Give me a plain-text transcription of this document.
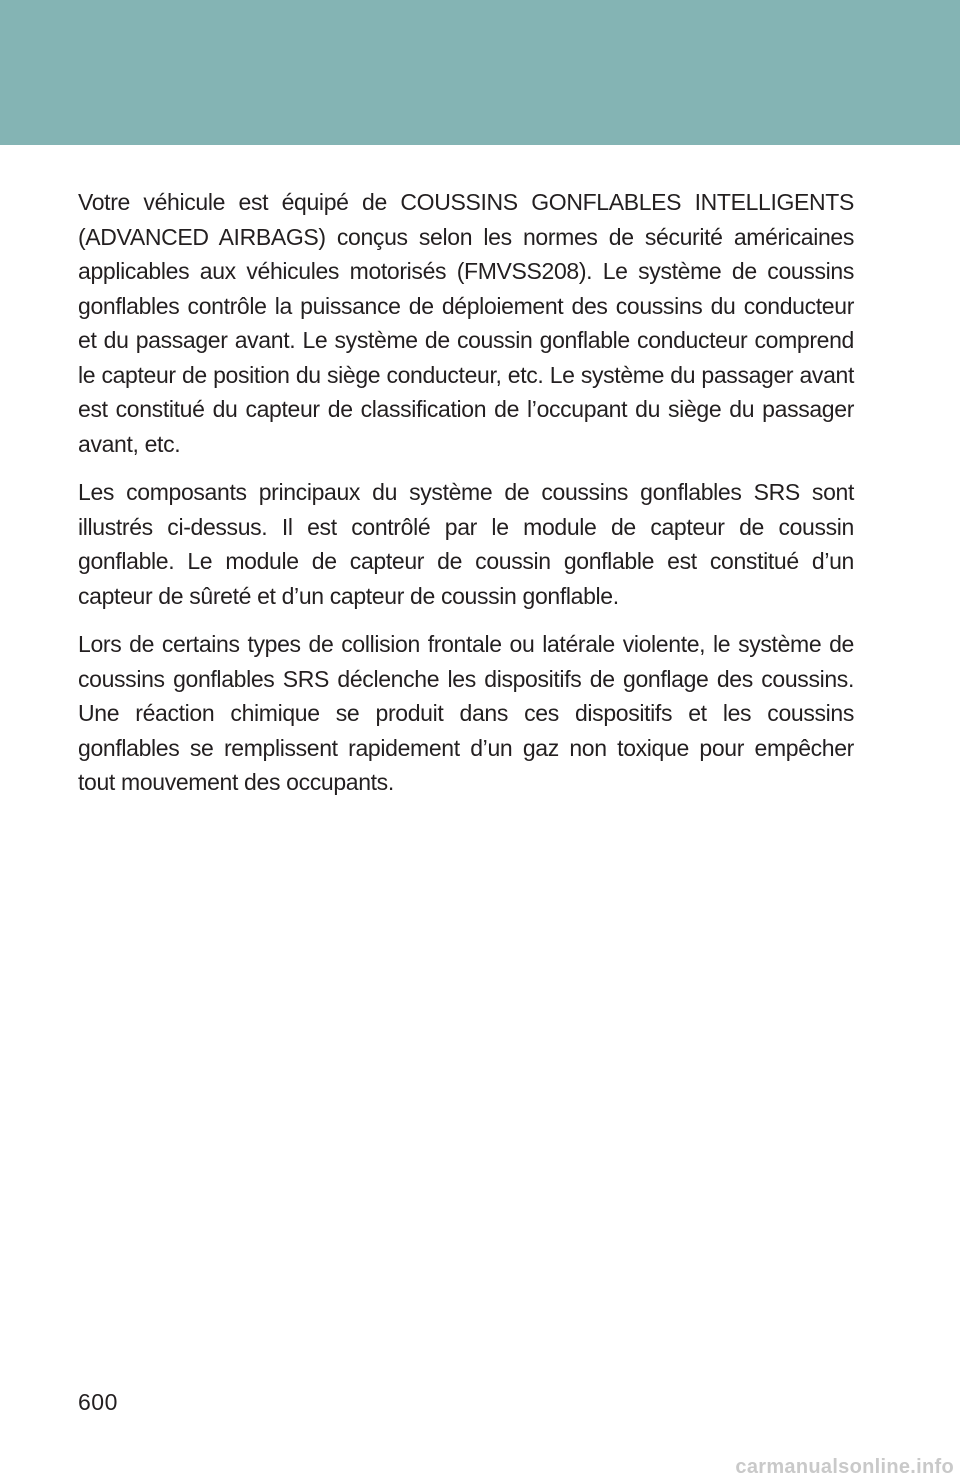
Votre véhicule est équipé de COUSSINS GONFLABLES INTELLIGENTS (ADVANCED AIRBAGS) conçus selon les normes de sécurité américaines applicables aux véhicules motorisés (FMVSS208). Le système de coussins gonflables contrôle la puissance de déploiement des coussins du conducteur et du passager avant. Le système de coussin gonflable conducteur comprend le capteur de position du siège conducteur, etc. Le système du passager avant est constitué du capteur de classification de l’occupant du siège du passager avant, etc.

Les composants principaux du système de coussins gonflables SRS sont illustrés ci-dessus. Il est contrôlé par le module de capteur de coussin gonflable. Le module de capteur de coussin gonflable est constitué d’un capteur de sûreté et d’un capteur de coussin gonflable.

Lors de certains types de collision frontale ou latérale violente, le système de coussins gonflables SRS déclenche les dispositifs de gonflage des coussins. Une réaction chimique se produit dans ces dispositifs et les coussins gonflables se remplissent rapidement d’un gaz non toxique pour empêcher tout mouvement des occupants.

600
carmanualsonline.info
